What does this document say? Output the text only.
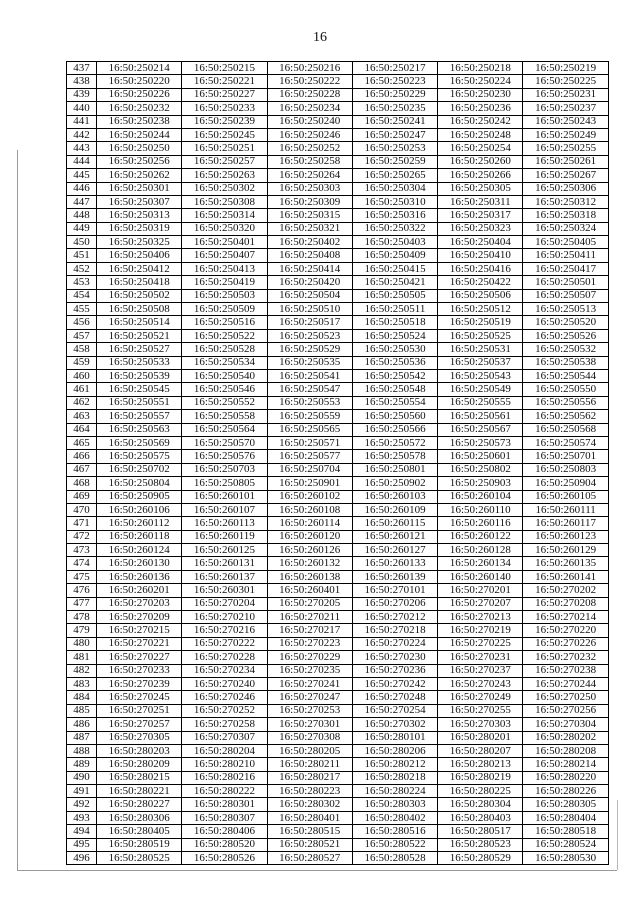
16
437	16:50:250214	16:50:250215	16:50:250216	16:50:250217	16:50:250218	16:50:250219
438	16:50:250220	16:50:250221	16:50:250222	16:50:250223	16:50:250224	16:50:250225
439	16:50:250226	16:50:250227	16:50:250228	16:50:250229	16:50:250230	16:50:250231
440	16:50:250232	16:50:250233	16:50:250234	16:50:250235	16:50:250236	16:50:250237
441	16:50:250238	16:50:250239	16:50:250240	16:50:250241	16:50:250242	16:50:250243
442	16:50:250244	16:50:250245	16:50:250246	16:50:250247	16:50:250248	16:50:250249
443	16:50:250250	16:50:250251	16:50:250252	16:50:250253	16:50:250254	16:50:250255
444	16:50:250256	16:50:250257	16:50:250258	16:50:250259	16:50:250260	16:50:250261
445	16:50:250262	16:50:250263	16:50:250264	16:50:250265	16:50:250266	16:50:250267
446	16:50:250301	16:50:250302	16:50:250303	16:50:250304	16:50:250305	16:50:250306
447	16:50:250307	16:50:250308	16:50:250309	16:50:250310	16:50:250311	16:50:250312
448	16:50:250313	16:50:250314	16:50:250315	16:50:250316	16:50:250317	16:50:250318
449	16:50:250319	16:50:250320	16:50:250321	16:50:250322	16:50:250323	16:50:250324
450	16:50:250325	16:50:250401	16:50:250402	16:50:250403	16:50:250404	16:50:250405
451	16:50:250406	16:50:250407	16:50:250408	16:50:250409	16:50:250410	16:50:250411
452	16:50:250412	16:50:250413	16:50:250414	16:50:250415	16:50:250416	16:50:250417
453	16:50:250418	16:50:250419	16:50:250420	16:50:250421	16:50:250422	16:50:250501
454	16:50:250502	16:50:250503	16:50:250504	16:50:250505	16:50:250506	16:50:250507
455	16:50:250508	16:50:250509	16:50:250510	16:50:250511	16:50:250512	16:50:250513
456	16:50:250514	16:50:250516	16:50:250517	16:50:250518	16:50:250519	16:50:250520
457	16:50:250521	16:50:250522	16:50:250523	16:50:250524	16:50:250525	16:50:250526
458	16:50:250527	16:50:250528	16:50:250529	16:50:250530	16:50:250531	16:50:250532
459	16:50:250533	16:50:250534	16:50:250535	16:50:250536	16:50:250537	16:50:250538
460	16:50:250539	16:50:250540	16:50:250541	16:50:250542	16:50:250543	16:50:250544
461	16:50:250545	16:50:250546	16:50:250547	16:50:250548	16:50:250549	16:50:250550
462	16:50:250551	16:50:250552	16:50:250553	16:50:250554	16:50:250555	16:50:250556
463	16:50:250557	16:50:250558	16:50:250559	16:50:250560	16:50:250561	16:50:250562
464	16:50:250563	16:50:250564	16:50:250565	16:50:250566	16:50:250567	16:50:250568
465	16:50:250569	16:50:250570	16:50:250571	16:50:250572	16:50:250573	16:50:250574
466	16:50:250575	16:50:250576	16:50:250577	16:50:250578	16:50:250601	16:50:250701
467	16:50:250702	16:50:250703	16:50:250704	16:50:250801	16:50:250802	16:50:250803
468	16:50:250804	16:50:250805	16:50:250901	16:50:250902	16:50:250903	16:50:250904
469	16:50:250905	16:50:260101	16:50:260102	16:50:260103	16:50:260104	16:50:260105
470	16:50:260106	16:50:260107	16:50:260108	16:50:260109	16:50:260110	16:50:260111
471	16:50:260112	16:50:260113	16:50:260114	16:50:260115	16:50:260116	16:50:260117
472	16:50:260118	16:50:260119	16:50:260120	16:50:260121	16:50:260122	16:50:260123
473	16:50:260124	16:50:260125	16:50:260126	16:50:260127	16:50:260128	16:50:260129
474	16:50:260130	16:50:260131	16:50:260132	16:50:260133	16:50:260134	16:50:260135
475	16:50:260136	16:50:260137	16:50:260138	16:50:260139	16:50:260140	16:50:260141
476	16:50:260201	16:50:260301	16:50:260401	16:50:270101	16:50:270201	16:50:270202
477	16:50:270203	16:50:270204	16:50:270205	16:50:270206	16:50:270207	16:50:270208
478	16:50:270209	16:50:270210	16:50:270211	16:50:270212	16:50:270213	16:50:270214
479	16:50:270215	16:50:270216	16:50:270217	16:50:270218	16:50:270219	16:50:270220
480	16:50:270221	16:50:270222	16:50:270223	16:50:270224	16:50:270225	16:50:270226
481	16:50:270227	16:50:270228	16:50:270229	16:50:270230	16:50:270231	16:50:270232
482	16:50:270233	16:50:270234	16:50:270235	16:50:270236	16:50:270237	16:50:270238
483	16:50:270239	16:50:270240	16:50:270241	16:50:270242	16:50:270243	16:50:270244
484	16:50:270245	16:50:270246	16:50:270247	16:50:270248	16:50:270249	16:50:270250
485	16:50:270251	16:50:270252	16:50:270253	16:50:270254	16:50:270255	16:50:270256
486	16:50:270257	16:50:270258	16:50:270301	16:50:270302	16:50:270303	16:50:270304
487	16:50:270305	16:50:270307	16:50:270308	16:50:280101	16:50:280201	16:50:280202
488	16:50:280203	16:50:280204	16:50:280205	16:50:280206	16:50:280207	16:50:280208
489	16:50:280209	16:50:280210	16:50:280211	16:50:280212	16:50:280213	16:50:280214
490	16:50:280215	16:50:280216	16:50:280217	16:50:280218	16:50:280219	16:50:280220
491	16:50:280221	16:50:280222	16:50:280223	16:50:280224	16:50:280225	16:50:280226
492	16:50:280227	16:50:280301	16:50:280302	16:50:280303	16:50:280304	16:50:280305
493	16:50:280306	16:50:280307	16:50:280401	16:50:280402	16:50:280403	16:50:280404
494	16:50:280405	16:50:280406	16:50:280515	16:50:280516	16:50:280517	16:50:280518
495	16:50:280519	16:50:280520	16:50:280521	16:50:280522	16:50:280523	16:50:280524
496	16:50:280525	16:50:280526	16:50:280527	16:50:280528	16:50:280529	16:50:280530
